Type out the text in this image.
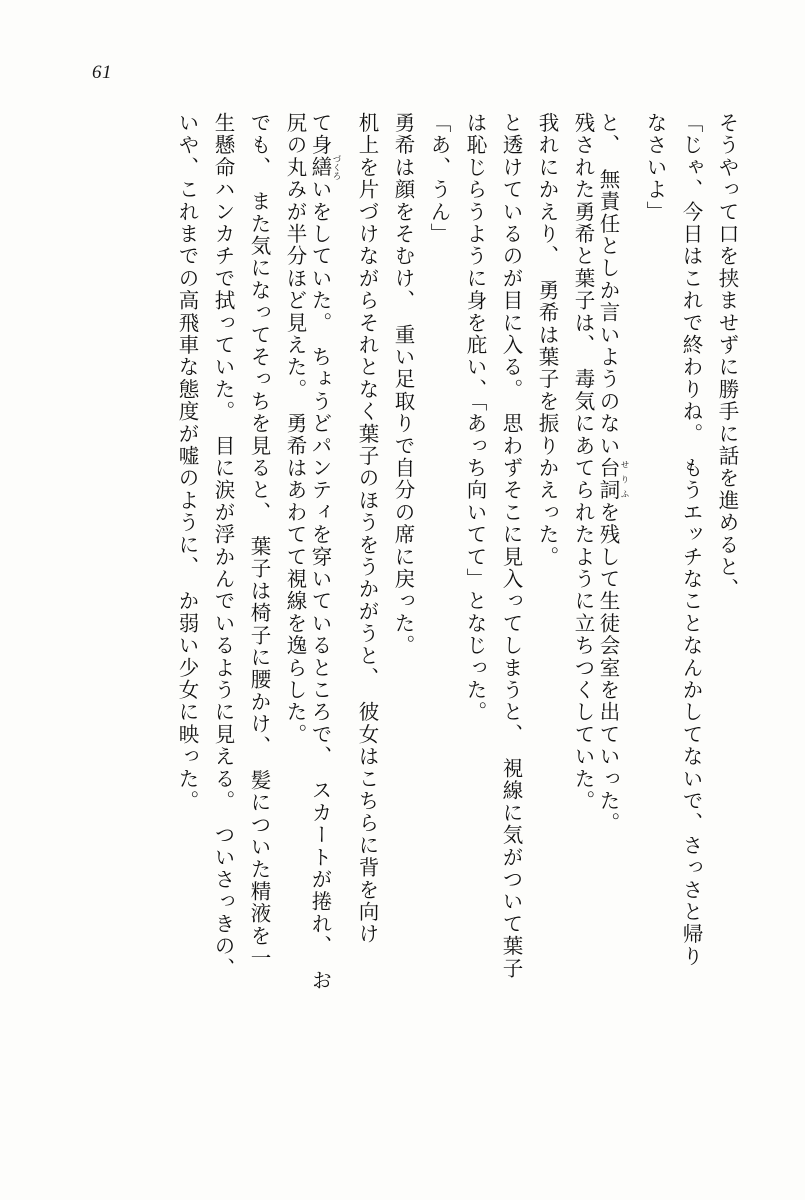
61
そうやって口を挟ませずに勝手に話を進めると、
「じゃ、今日はこれで終わりね。　もうエッチなことなんかしてないで、さっさと帰り
なさいよ」
と、　無責任としか言いようのない台詞 せりふを残して生徒会室を出ていった。
残された勇希と葉子は、　毒気にあてられたように立ちつくしていた。
我れにかえり、　勇希は葉子を振りかえった。
と透けているのが目に入る。　思わずそこに見入ってしまうと、　視線に気がついて葉子
は恥じらうように身を庇い、「あっち向いてて」となじった。
「あ、うん」
勇希は顔をそむけ、　重い足取りで自分の席に戻った。
机上を片づけながらそれとなく葉子のほうをうかがうと、　彼女はこちらに背を向け
て身繕 づくろいをしていた。　ちょうどパンティを穿いているところで、　スカートが捲れ、　お
尻の丸みが半分ほど見えた。　勇希はあわてて視線を逸らした。
でも、　また気になってそっちを見ると、　葉子は椅子に腰かけ、　髪についた精液を一
生懸命ハンカチで拭っていた。　目に涙が浮かんでいるように見える。　ついさっきの、
いや、これまでの高飛車な態度が嘘のように、　か弱い少女に映った。
